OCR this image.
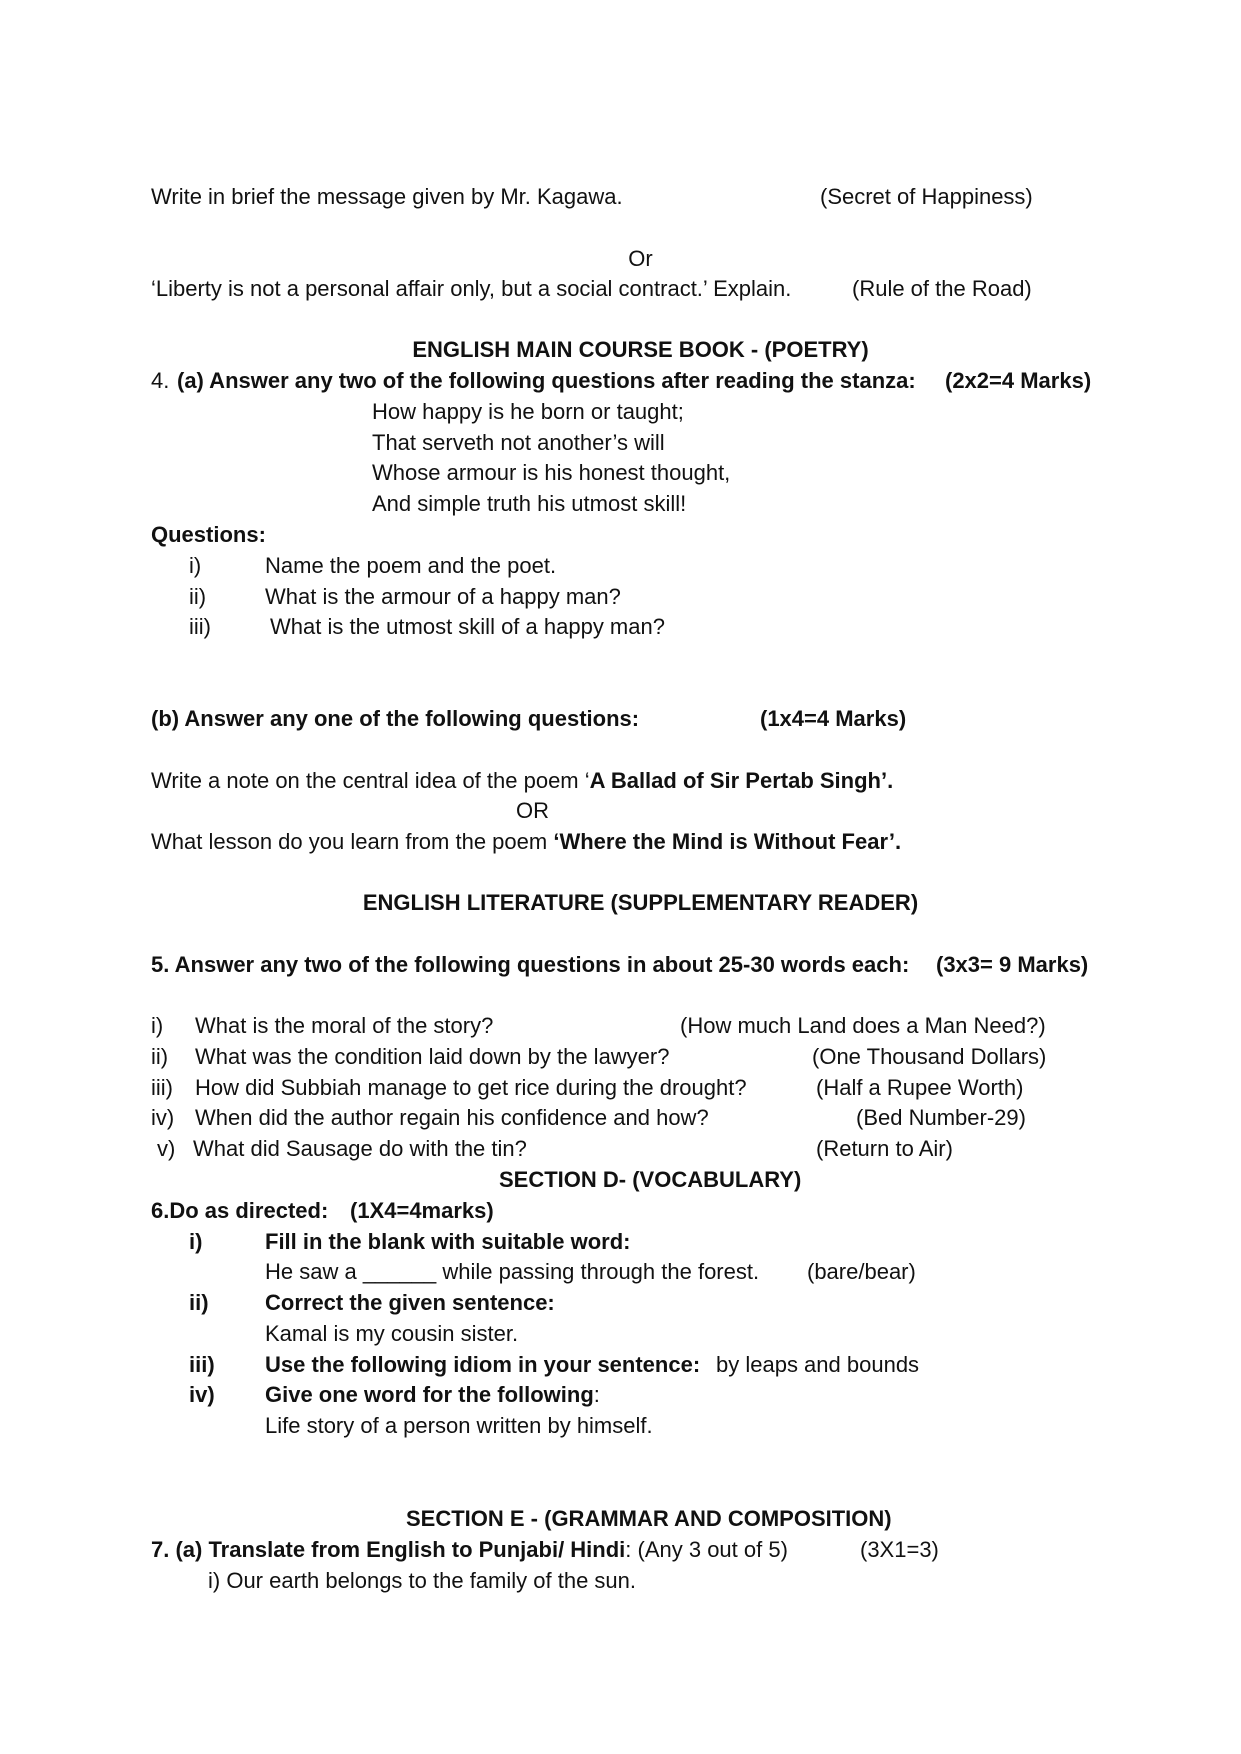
Write in brief the message given by Mr. Kagawa.	(Secret of Happiness)
Or
‘Liberty is not a personal affair only, but a social contract.’ Explain.	(Rule of the Road)
ENGLISH MAIN COURSE BOOK - (POETRY)
4. (a) Answer any two of the following questions after reading the stanza: (2x2=4 Marks)
How happy is he born or taught;
That serveth not another’s will
Whose armour is his honest thought,
And simple truth his utmost skill!
Questions:
i)	Name the poem and the poet.
ii)	What is the armour of a happy man?
iii)	What is the utmost skill of a happy man?
(b) Answer any one of the following questions:	(1x4=4 Marks)
Write a note on the central idea of the poem ‘A Ballad of Sir Pertab Singh’.
OR
What lesson do you learn from the poem ‘Where the Mind is Without Fear’.
ENGLISH LITERATURE (SUPPLEMENTARY READER)
5. Answer any two of the following questions in about 25-30 words each: (3x3= 9 Marks)
i) What is the moral of the story?	(How much Land does a Man Need?)
ii) What was the condition laid down by the lawyer?	(One Thousand Dollars)
iii) How did Subbiah manage to get rice during the drought?	(Half a Rupee Worth)
iv) When did the author regain his confidence and how?	(Bed Number-29)
v) What did Sausage do with the tin?	(Return to Air)
SECTION D- (VOCABULARY)
6.Do as directed: (1X4=4marks)
i)	Fill in the blank with suitable word:
He saw a ______ while passing through the forest. (bare/bear)
ii)	Correct the given sentence:
Kamal is my cousin sister.
iii) Use the following idiom in your sentence: by leaps and bounds
iv) Give one word for the following:
Life story of a person written by himself.
SECTION E - (GRAMMAR AND COMPOSITION)
7. (a) Translate from English to Punjabi/ Hindi: (Any 3 out of 5)	(3X1=3)
i) Our earth belongs to the family of the sun.
